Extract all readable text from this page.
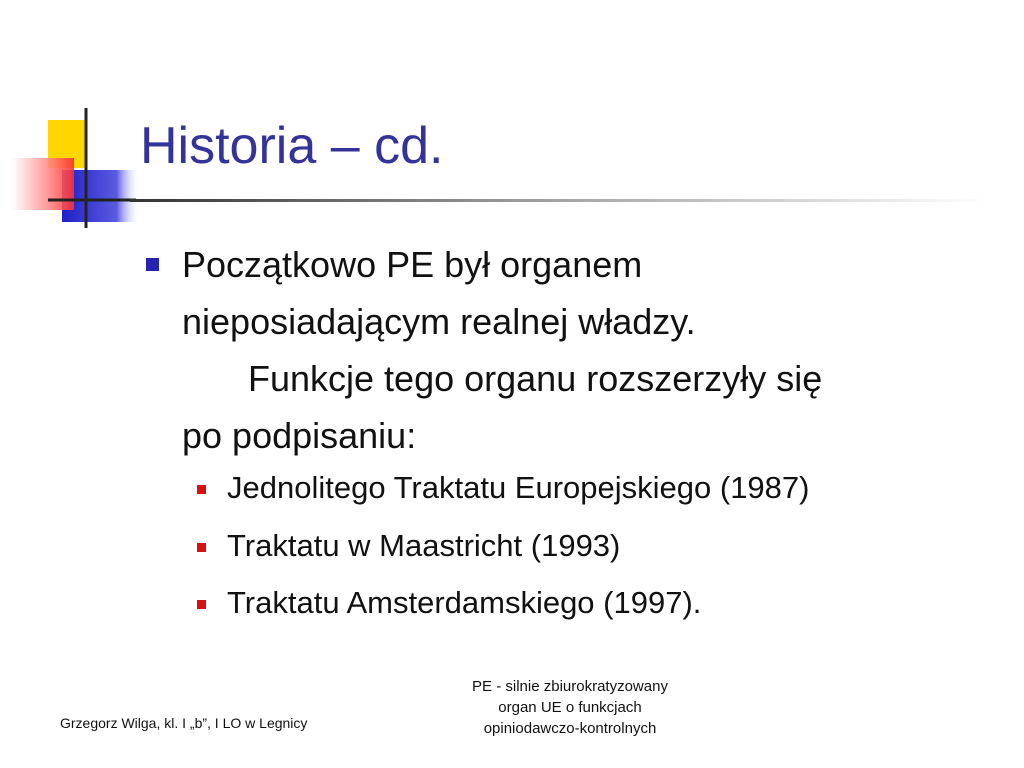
Historia – cd.
Początkowo PE był organem
nieposiadającym realnej władzy.
Funkcje tego organu rozszerzyły się
po podpisaniu:
Jednolitego Traktatu Europejskiego (1987)
Traktatu w Maastricht (1993)
Traktatu Amsterdamskiego (1997).
Grzegorz Wilga, kl. I „b”, I LO w Legnicy
PE - silnie zbiurokratyzowany
organ UE o funkcjach
opiniodawczo-kontrolnych
